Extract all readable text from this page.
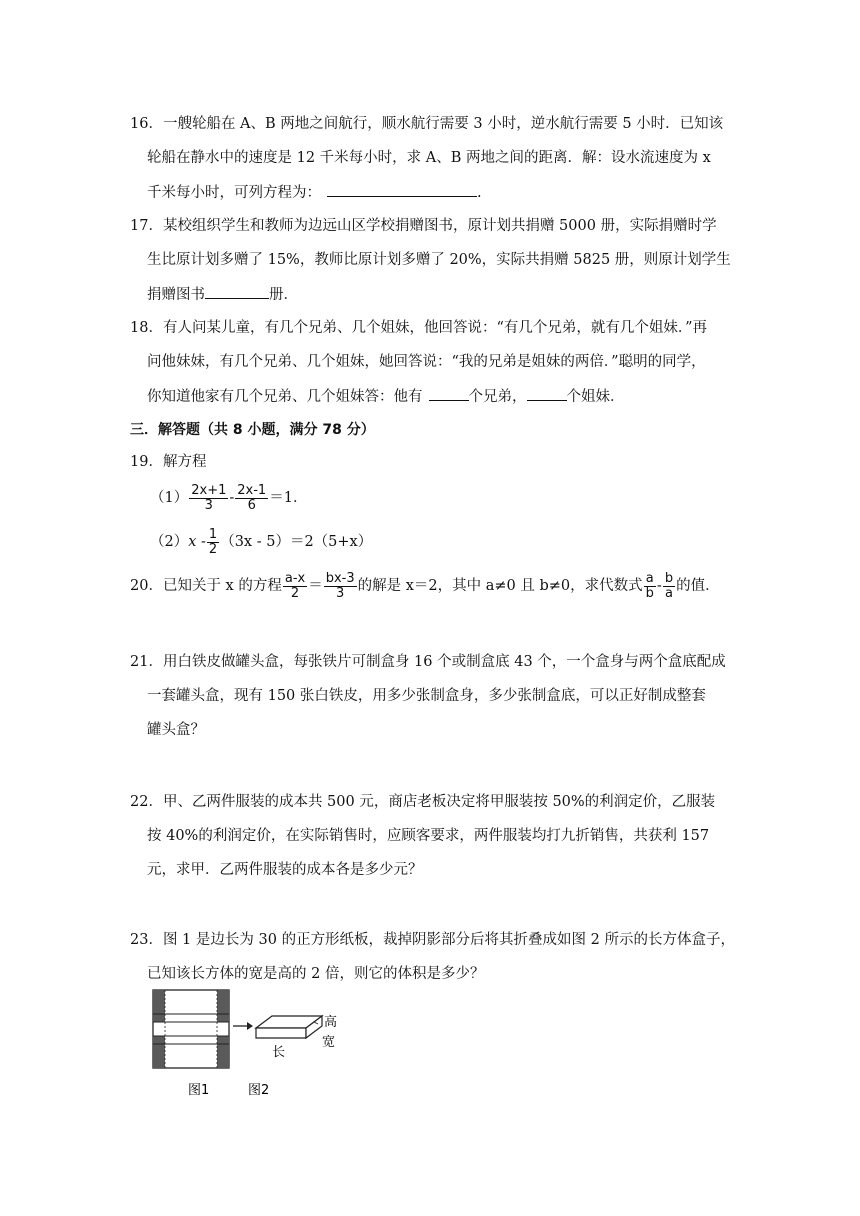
16．一艘轮船在 A、B 两地之间航行，顺水航行需要 3 小时，逆水航行需要 5 小时．已知该
轮船在静水中的速度是 12 千米每小时，求 A、B 两地之间的距离．解：设水流速度为 x
千米每小时，可列方程为：	.
17．某校组织学生和教师为边远山区学校捐赠图书，原计划共捐赠 5000 册，实际捐赠时学
生比原计划多赠了 15%，教师比原计划多赠了 20%，实际共捐赠 5825 册，则原计划学生
捐赠图书	册．
18．有人问某儿童，有几个兄弟、几个姐妹，他回答说：“有几个兄弟，就有几个姐妹．”再
问他妹妹，有几个兄弟、几个姐妹，她回答说：“我的兄弟是姐妹的两倍．”聪明的同学，
你知道他家有几个兄弟、几个姐妹答：他有	个兄弟，	个姐妹．
三．解答题（共 8 小题，满分 78 分）
19．解方程
$(1) \frac{2x+1}{3} - \frac{2x-1}{6} =1$．
$(2)x - \frac{1}{2} (3x - 5)=2(5+x)$
20．已知关于 x 的方程 $\frac{a-x}{2} = \frac{bx-3}{3}$ 的解是 x＝2，其中 a≠0 且 b≠0，求代数式 $\frac{a}{b} - \frac{b}{a}$ 的值．
21．用白铁皮做罐头盒，每张铁片可制盒身 16 个或制盒底 43 个，一个盒身与两个盒底配成
一套罐头盒，现有 150 张白铁皮，用多少张制盒身，多少张制盒底，可以正好制成整套
罐头盒？
22．甲、乙两件服装的成本共 500 元，商店老板决定将甲服装按 50%的利润定价，乙服装
按 40%的利润定价，在实际销售时，应顾客要求，两件服装均打九折销售，共获利 157
元，求甲．乙两件服装的成本各是多少元？
23．图 1 是边长为 30 的正方形纸板，裁掉阴影部分后将其折叠成如图 2 所示的长方体盒子，
已知该长方体的宽是高的 2 倍，则它的体积是多少？
高
宽
长
图1	图2
